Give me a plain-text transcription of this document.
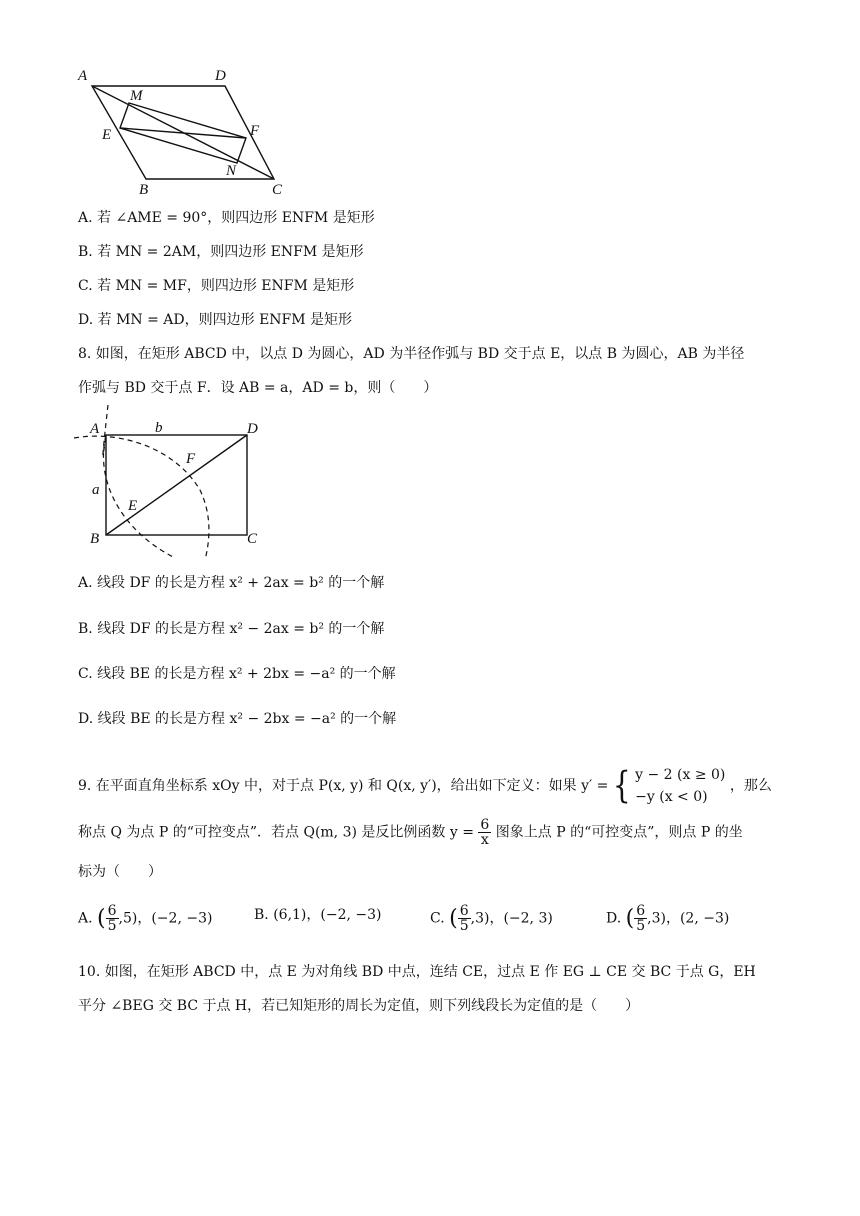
A	D
M
E	F
N
B	C
A. 若 ∠AME = 90°，则四边形 ENFM 是矩形
B. 若 MN = 2AM，则四边形 ENFM 是矩形
C. 若 MN = MF，则四边形 ENFM 是矩形
D. 若 MN = AD，则四边形 ENFM 是矩形
8. 如图，在矩形 ABCD 中，以点 D 为圆心，AD 为半径作弧与 BD 交于点 E，以点 B 为圆心，AB 为半径
作弧与 BD 交于点 F．设 AB = a，AD = b，则（　　）
A	b	D
F
a
E
B	C
A. 线段 DF 的长是方程 x² + 2ax = b² 的一个解
B. 线段 DF 的长是方程 x² − 2ax = b² 的一个解
C. 线段 BE 的长是方程 x² + 2bx = −a² 的一个解
D. 线段 BE 的长是方程 x² − 2bx = −a² 的一个解
9. 在平面直角坐标系 xOy 中，对于点 P(x, y) 和 Q(x, y′)，给出如下定义：如果 y′ = { y − 2 (x ≥ 0)
−y (x < 0)
，那么
称点 Q 为点 P 的“可控变点”．若点 Q(m, 3) 是反比例函数 $y = \frac{6}{x}$ 图象上点 P 的“可控变点”，则点 P 的坐
标为（　　）
A. ( $\frac{6}{5} ,5$)，(−2, −3)	B. (6,1)，(−2, −3)	C. ( $\frac{6}{5} ,3$)，(−2, 3)	D. ( $\frac{6}{5} ,3$)，(2, −3)
10. 如图，在矩形 ABCD 中，点 E 为对角线 BD 中点，连结 CE，过点 E 作 EG ⊥ CE 交 BC 于点 G，EH
平分 ∠BEG 交 BC 于点 H，若已知矩形的周长为定值，则下列线段长为定值的是（　　）
